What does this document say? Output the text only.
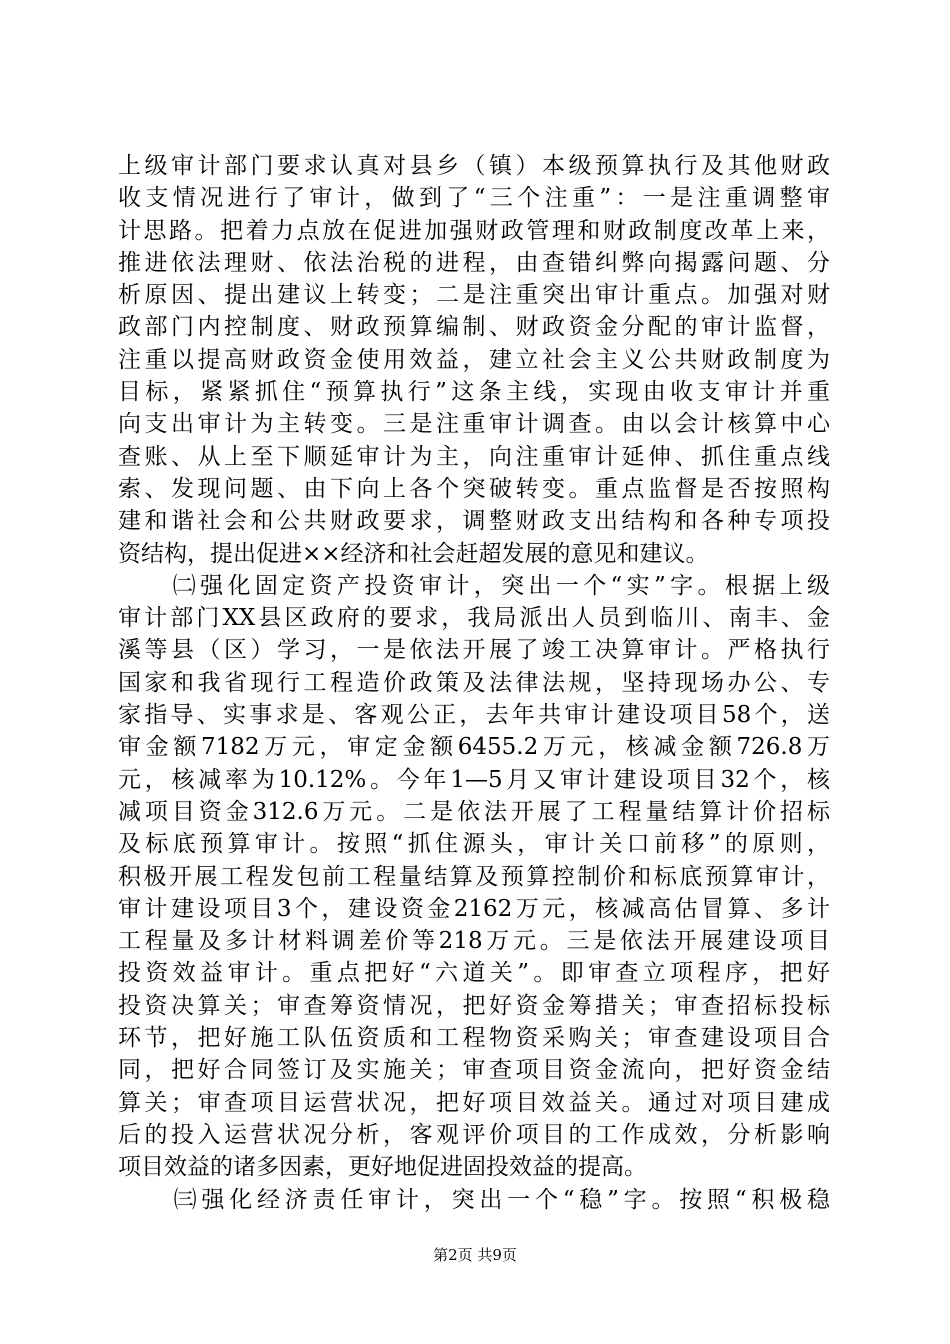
上级审计部门要求认真对县乡（镇）本级预算执行及其他财政
收支情况进行了审计，做到了“三个注重”：一是注重调整审
计思路。把着力点放在促进加强财政管理和财政制度改革上来，
推进依法理财、依法治税的进程，由查错纠弊向揭露问题、分
析原因、提出建议上转变；二是注重突出审计重点。加强对财
政部门内控制度、财政预算编制、财政资金分配的审计监督，
注重以提高财政资金使用效益，建立社会主义公共财政制度为
目标，紧紧抓住“预算执行”这条主线，实现由收支审计并重
向支出审计为主转变。三是注重审计调查。由以会计核算中心
查账、从上至下顺延审计为主，向注重审计延伸、抓住重点线
索、发现问题、由下向上各个突破转变。重点监督是否按照构
建和谐社会和公共财政要求，调整财政支出结构和各种专项投
资结构，提出促进××经济和社会赶超发展的意见和建议。
　　㈡强化固定资产投资审计，突出一个“实”字。根据上级
审计部门XX县区政府的要求，我局派出人员到临川、南丰、金
溪等县（区）学习，一是依法开展了竣工决算审计。严格执行
国家和我省现行工程造价政策及法律法规，坚持现场办公、专
家指导、实事求是、客观公正，去年共审计建设项目58个，送
审金额7182万元，审定金额6455.2万元，核减金额726.8万
元，核减率为10.12%。今年1—5月又审计建设项目32个，核
减项目资金312.6万元。二是依法开展了工程量结算计价招标
及标底预算审计。按照“抓住源头，审计关口前移”的原则，
积极开展工程发包前工程量结算及预算控制价和标底预算审计，
审计建设项目3个，建设资金2162万元，核减高估冒算、多计
工程量及多计材料调差价等218万元。三是依法开展建设项目
投资效益审计。重点把好“六道关”。即审查立项程序，把好
投资决算关；审查筹资情况，把好资金筹措关；审查招标投标
环节，把好施工队伍资质和工程物资采购关；审查建设项目合
同，把好合同签订及实施关；审查项目资金流向，把好资金结
算关；审查项目运营状况，把好项目效益关。通过对项目建成
后的投入运营状况分析，客观评价项目的工作成效，分析影响
项目效益的诸多因素，更好地促进固投效益的提高。
　　㈢强化经济责任审计，突出一个“稳”字。按照“积极稳
第2页 共9页
